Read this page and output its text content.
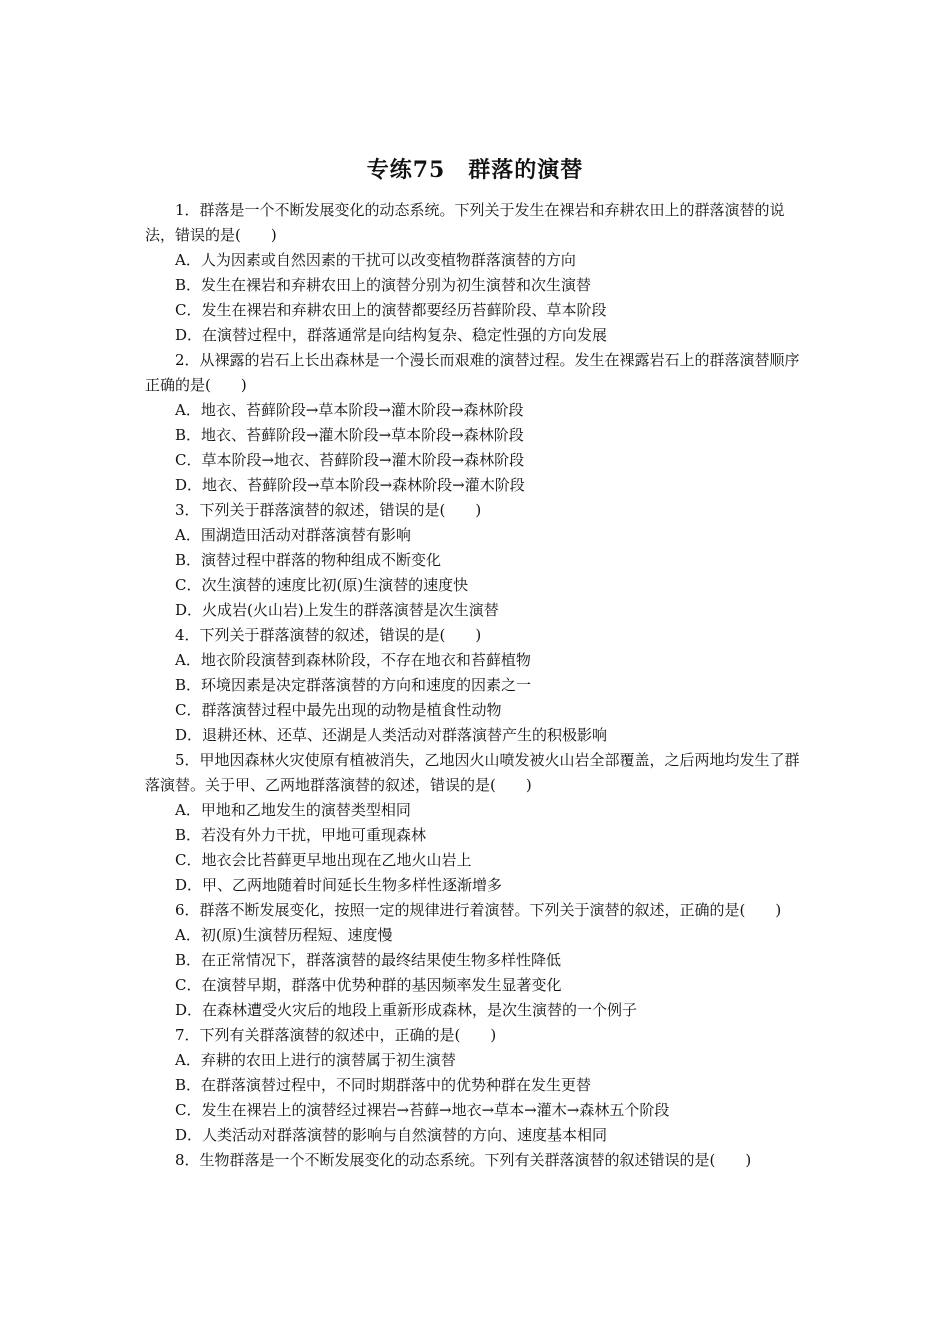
专练75　群落的演替

1．群落是一个不断发展变化的动态系统。下列关于发生在裸岩和弃耕农田上的群落演替的说法，错误的是(　　)

A．人为因素或自然因素的干扰可以改变植物群落演替的方向

B．发生在裸岩和弃耕农田上的演替分别为初生演替和次生演替

C．发生在裸岩和弃耕农田上的演替都要经历苔藓阶段、草本阶段

D．在演替过程中，群落通常是向结构复杂、稳定性强的方向发展

2．从裸露的岩石上长出森林是一个漫长而艰难的演替过程。发生在裸露岩石上的群落演替顺序正确的是(　　)

A．地衣、苔藓阶段→草本阶段→灌木阶段→森林阶段

B．地衣、苔藓阶段→灌木阶段→草本阶段→森林阶段

C．草本阶段→地衣、苔藓阶段→灌木阶段→森林阶段

D．地衣、苔藓阶段→草本阶段→森林阶段→灌木阶段

3．下列关于群落演替的叙述，错误的是(　　)

A．围湖造田活动对群落演替有影响

B．演替过程中群落的物种组成不断变化

C．次生演替的速度比初(原)生演替的速度快

D．火成岩(火山岩)上发生的群落演替是次生演替

4．下列关于群落演替的叙述，错误的是(　　)

A．地衣阶段演替到森林阶段，不存在地衣和苔藓植物

B．环境因素是决定群落演替的方向和速度的因素之一

C．群落演替过程中最先出现的动物是植食性动物

D．退耕还林、还草、还湖是人类活动对群落演替产生的积极影响

5．甲地因森林火灾使原有植被消失，乙地因火山喷发被火山岩全部覆盖，之后两地均发生了群落演替。关于甲、乙两地群落演替的叙述，错误的是(　　)

A．甲地和乙地发生的演替类型相同

B．若没有外力干扰，甲地可重现森林

C．地衣会比苔藓更早地出现在乙地火山岩上

D．甲、乙两地随着时间延长生物多样性逐渐增多

6．群落不断发展变化，按照一定的规律进行着演替。下列关于演替的叙述，正确的是(　　)

A．初(原)生演替历程短、速度慢

B．在正常情况下，群落演替的最终结果使生物多样性降低

C．在演替早期，群落中优势种群的基因频率发生显著变化

D．在森林遭受火灾后的地段上重新形成森林，是次生演替的一个例子

7．下列有关群落演替的叙述中，正确的是(　　)

A．弃耕的农田上进行的演替属于初生演替

B．在群落演替过程中，不同时期群落中的优势种群在发生更替

C．发生在裸岩上的演替经过裸岩→苔藓→地衣→草本→灌木→森林五个阶段

D．人类活动对群落演替的影响与自然演替的方向、速度基本相同

8．生物群落是一个不断发展变化的动态系统。下列有关群落演替的叙述错误的是(　　)
